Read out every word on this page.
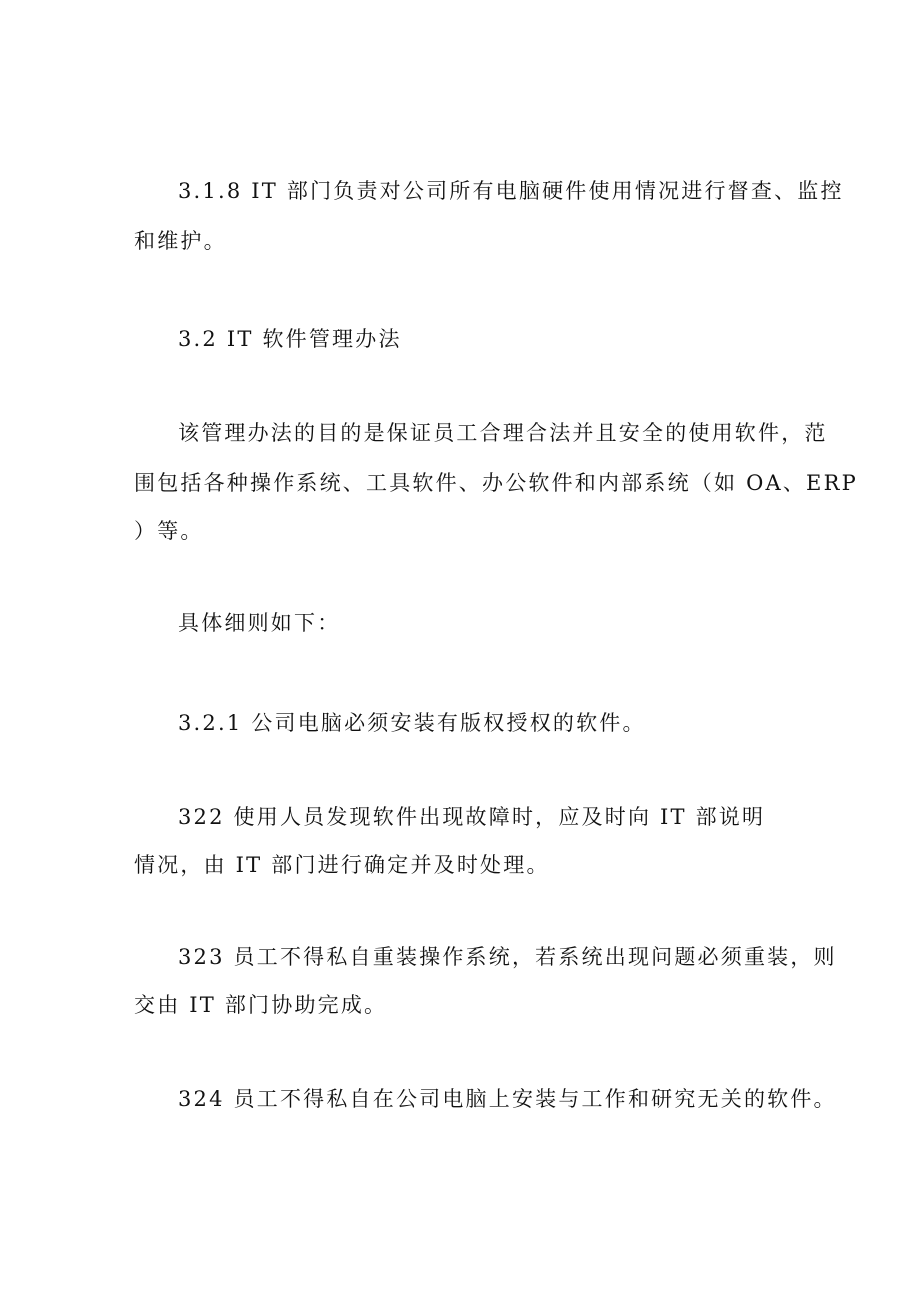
3.1.8 IT 部门负责对公司所有电脑硬件使用情况进行督查、监控
和维护。
3.2 IT 软件管理办法
该管理办法的目的是保证员工合理合法并且安全的使用软件，范
围包括各种操作系统、工具软件、办公软件和内部系统（如 OA、ERP
）等。
具体细则如下：
3.2.1 公司电脑必须安装有版权授权的软件。
322 使用人员发现软件出现故障时，应及时向 IT 部说明
情况，由 IT 部门进行确定并及时处理。
323 员工不得私自重装操作系统，若系统出现问题必须重装，则
交由 IT 部门协助完成。
324 员工不得私自在公司电脑上安装与工作和研究无关的软件。
